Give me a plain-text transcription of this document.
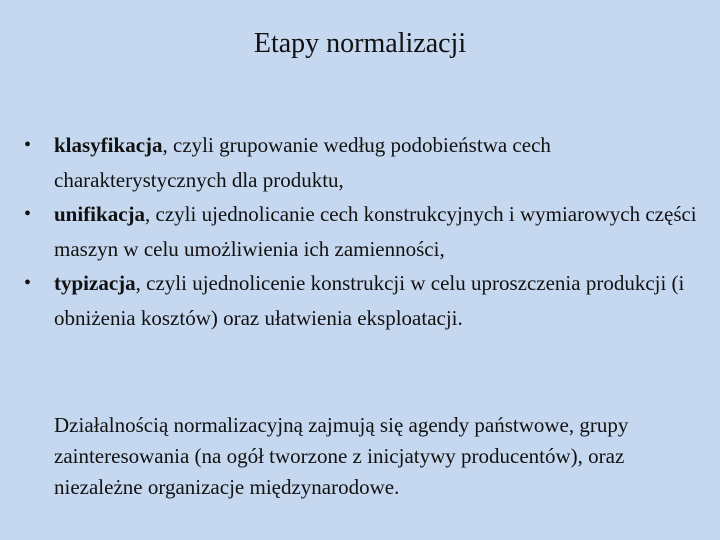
Etapy normalizacji
• klasyfikacja, czyli grupowanie według podobieństwa cech charakterystycznych dla produktu,
• unifikacja, czyli ujednolicanie cech konstrukcyjnych i wymiarowych części maszyn w celu umożliwienia ich zamienności,
• typizacja, czyli ujednolicenie konstrukcji w celu uproszczenia produkcji (i obniżenia kosztów) oraz ułatwienia eksploatacji.

Działalnością normalizacyjną zajmują się agendy państwowe, grupy zainteresowania (na ogół tworzone z inicjatywy producentów), oraz niezależne organizacje międzynarodowe.
